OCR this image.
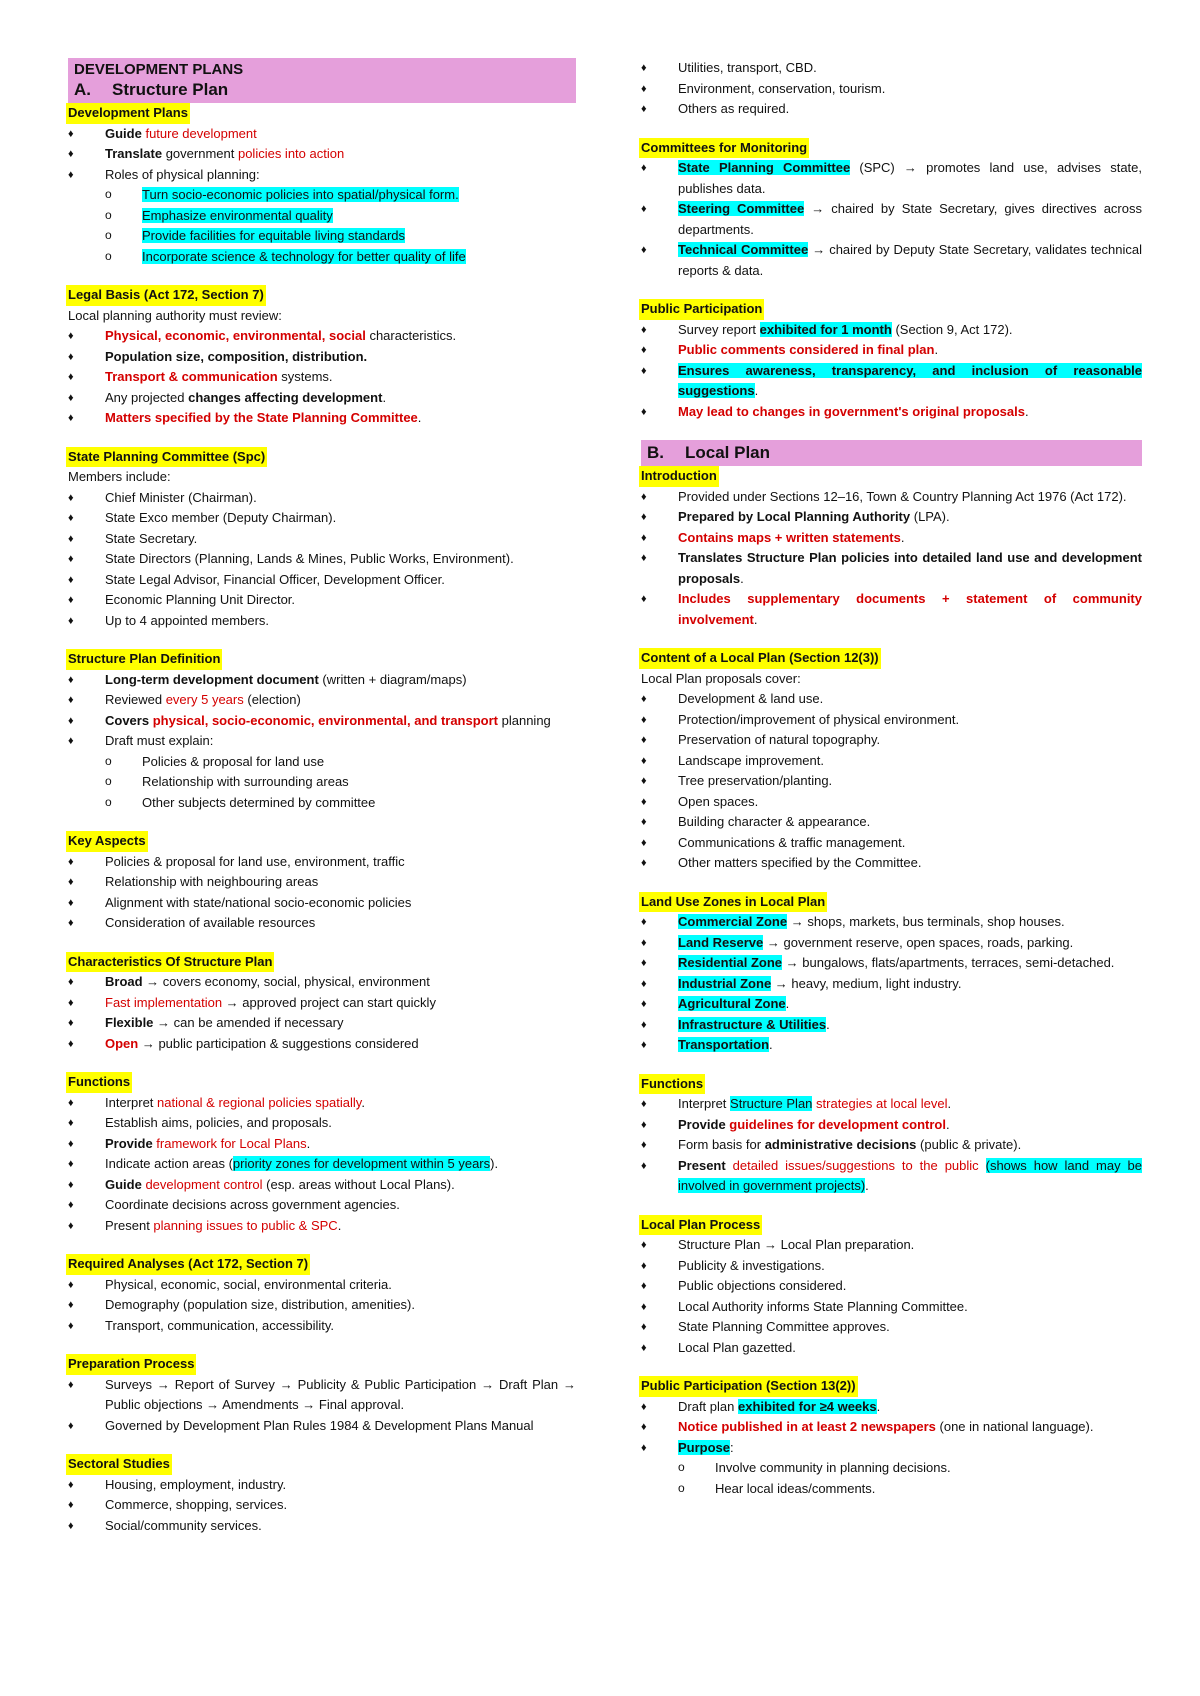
DEVELOPMENT PLANS
A. Structure Plan
Development Plans
♦ Guide future development
♦ Translate government policies into action
♦ Roles of physical planning:
o Turn socio-economic policies into spatial/physical form.
o Emphasize environmental quality
o Provide facilities for equitable living standards
o Incorporate science & technology for better quality of life
Legal Basis (Act 172, Section 7)
Local planning authority must review:
♦ Physical, economic, environmental, social characteristics.
♦ Population size, composition, distribution.
♦ Transport & communication systems.
♦ Any projected changes affecting development.
♦ Matters specified by the State Planning Committee.
State Planning Committee (Spc)
Members include:
♦ Chief Minister (Chairman).
♦ State Exco member (Deputy Chairman).
♦ State Secretary.
♦ State Directors (Planning, Lands & Mines, Public Works, Environment).
♦ State Legal Advisor, Financial Officer, Development Officer.
♦ Economic Planning Unit Director.
♦ Up to 4 appointed members.
Structure Plan Definition
♦ Long-term development document (written + diagram/maps)
♦ Reviewed every 5 years (election)
♦ Covers physical, socio-economic, environmental, and transport planning
♦ Draft must explain:
o Policies & proposal for land use
o Relationship with surrounding areas
o Other subjects determined by committee
Key Aspects
♦ Policies & proposal for land use, environment, traffic
♦ Relationship with neighbouring areas
♦ Alignment with state/national socio-economic policies
♦ Consideration of available resources
Characteristics Of Structure Plan
♦ Broad → covers economy, social, physical, environment
♦ Fast implementation → approved project can start quickly
♦ Flexible → can be amended if necessary
♦ Open → public participation & suggestions considered
Functions
♦ Interpret national & regional policies spatially.
♦ Establish aims, policies, and proposals.
♦ Provide framework for Local Plans.
♦ Indicate action areas (priority zones for development within 5 years).
♦ Guide development control (esp. areas without Local Plans).
♦ Coordinate decisions across government agencies.
♦ Present planning issues to public & SPC.
Required Analyses (Act 172, Section 7)
♦ Physical, economic, social, environmental criteria.
♦ Demography (population size, distribution, amenities).
♦ Transport, communication, accessibility.
Preparation Process
♦ Surveys → Report of Survey → Publicity & Public Participation → Draft Plan → Public objections → Amendments → Final approval.
♦ Governed by Development Plan Rules 1984 & Development Plans Manual
Sectoral Studies
♦ Housing, employment, industry.
♦ Commerce, shopping, services.
♦ Social/community services.
♦ Utilities, transport, CBD.
♦ Environment, conservation, tourism.
♦ Others as required.
Committees for Monitoring
♦ State Planning Committee (SPC) → promotes land use, advises state, publishes data.
♦ Steering Committee → chaired by State Secretary, gives directives across departments.
♦ Technical Committee → chaired by Deputy State Secretary, validates technical reports & data.
Public Participation
♦ Survey report exhibited for 1 month (Section 9, Act 172).
♦ Public comments considered in final plan.
♦ Ensures awareness, transparency, and inclusion of reasonable suggestions.
♦ May lead to changes in government's original proposals.
B. Local Plan
Introduction
♦ Provided under Sections 12–16, Town & Country Planning Act 1976 (Act 172).
♦ Prepared by Local Planning Authority (LPA).
♦ Contains maps + written statements.
♦ Translates Structure Plan policies into detailed land use and development proposals.
♦ Includes supplementary documents + statement of community involvement.
Content of a Local Plan (Section 12(3))
Local Plan proposals cover:
♦ Development & land use.
♦ Protection/improvement of physical environment.
♦ Preservation of natural topography.
♦ Landscape improvement.
♦ Tree preservation/planting.
♦ Open spaces.
♦ Building character & appearance.
♦ Communications & traffic management.
♦ Other matters specified by the Committee.
Land Use Zones in Local Plan
♦ Commercial Zone → shops, markets, bus terminals, shop houses.
♦ Land Reserve → government reserve, open spaces, roads, parking.
♦ Residential Zone → bungalows, flats/apartments, terraces, semi-detached.
♦ Industrial Zone → heavy, medium, light industry.
♦ Agricultural Zone.
♦ Infrastructure & Utilities.
♦ Transportation.
Functions
♦ Interpret Structure Plan strategies at local level.
♦ Provide guidelines for development control.
♦ Form basis for administrative decisions (public & private).
♦ Present detailed issues/suggestions to the public (shows how land may be involved in government projects).
Local Plan Process
♦ Structure Plan → Local Plan preparation.
♦ Publicity & investigations.
♦ Public objections considered.
♦ Local Authority informs State Planning Committee.
♦ State Planning Committee approves.
♦ Local Plan gazetted.
Public Participation (Section 13(2))
♦ Draft plan exhibited for ≥4 weeks.
♦ Notice published in at least 2 newspapers (one in national language).
♦ Purpose:
o Involve community in planning decisions.
o Hear local ideas/comments.
